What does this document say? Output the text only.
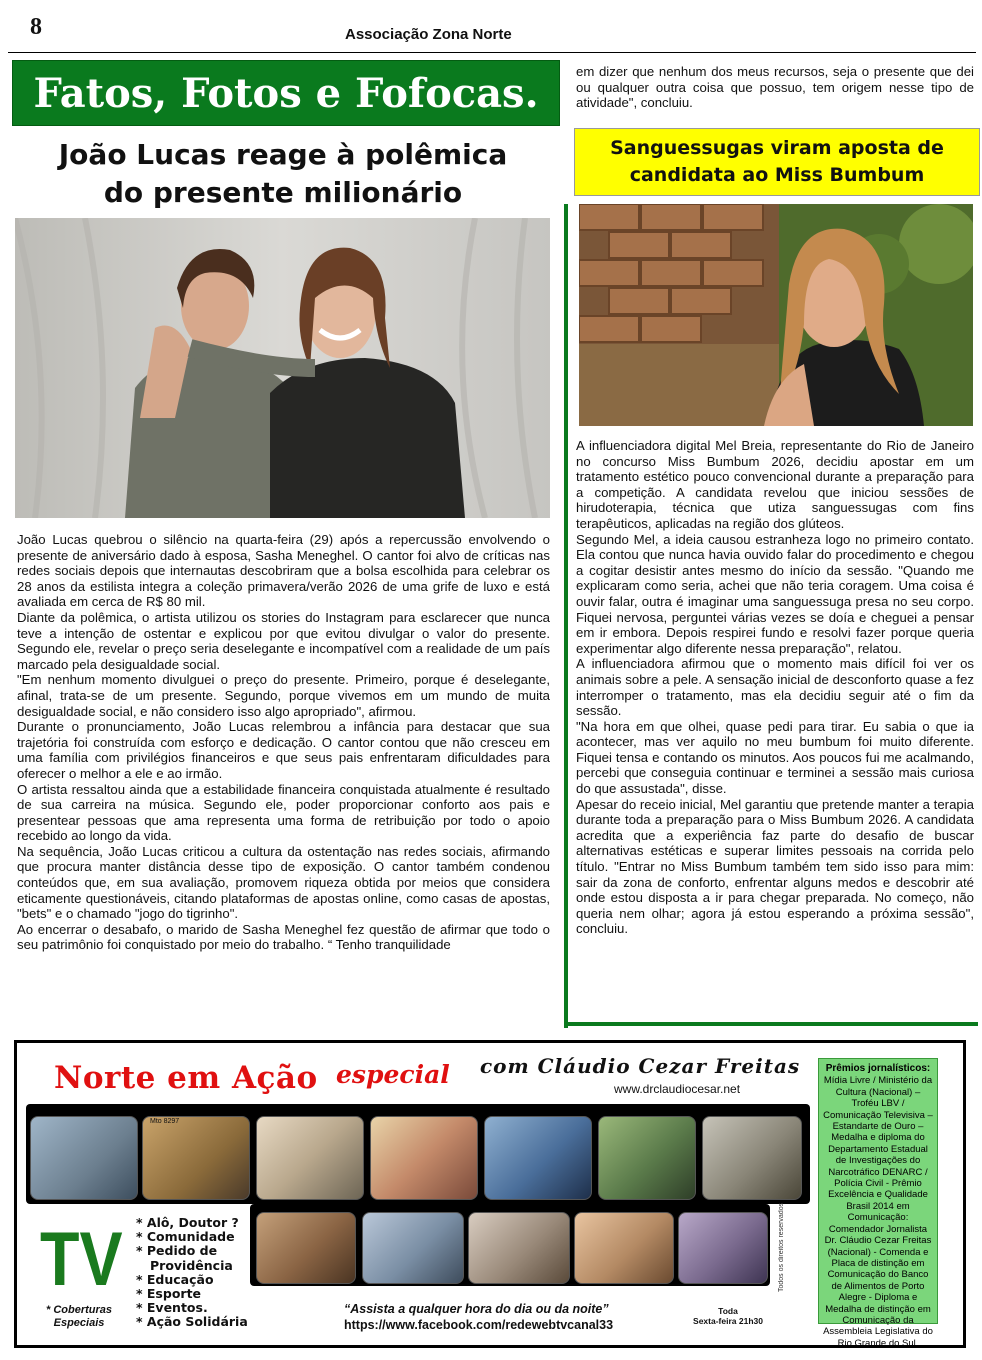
8	Associação Zona Norte
Fatos, Fotos e Fofocas.
João Lucas reage à polêmica
do presente milionário

João Lucas quebrou o silêncio na quarta-feira (29) após a repercussão envolvendo o presente de aniversário dado à esposa, Sasha Meneghel. O cantor foi alvo de críticas nas redes sociais depois que internautas descobriram que a bolsa escolhida para celebrar os 28 anos da estilista integra a coleção primavera/verão 2026 de uma grife de luxo e está avaliada em cerca de R$ 80 mil.

Diante da polêmica, o artista utilizou os stories do Instagram para esclarecer que nunca teve a intenção de ostentar e explicou por que evitou divulgar o valor do presente. Segundo ele, revelar o preço seria deselegante e incompatível com a realidade de um país marcado pela desigualdade social.

"Em nenhum momento divulguei o preço do presente. Primeiro, porque é deselegante, afinal, trata-se de um presente. Segundo, porque vivemos em um mundo de muita desigualdade social, e não considero isso algo apropriado", afirmou.

Durante o pronunciamento, João Lucas relembrou a infância para destacar que sua trajetória foi construída com esforço e dedicação. O cantor contou que não cresceu em uma família com privilégios financeiros e que seus pais enfrentaram dificuldades para oferecer o melhor a ele e ao irmão.

O artista ressaltou ainda que a estabilidade financeira conquistada atualmente é resultado de sua carreira na música. Segundo ele, poder proporcionar conforto aos pais e presentear pessoas que ama representa uma forma de retribuição por todo o apoio recebido ao longo da vida.

Na sequência, João Lucas criticou a cultura da ostentação nas redes sociais, afirmando que procura manter distância desse tipo de exposição. O cantor também condenou conteúdos que, em sua avaliação, promovem riqueza obtida por meios que considera eticamente questionáveis, citando plataformas de apostas online, como casas de apostas, "bets" e o chamado "jogo do tigrinho".

Ao encerrar o desabafo, o marido de Sasha Meneghel fez questão de afirmar que todo o seu patrimônio foi conquistado por meio do trabalho. “ Tenho tranquilidade

em dizer que nenhum dos meus recursos, seja o presente que dei ou qualquer outra coisa que possuo, tem origem nesse tipo de atividade", concluiu.
Sanguessugas viram aposta de
candidata ao Miss Bumbum

A influenciadora digital Mel Breia, representante do Rio de Janeiro no concurso Miss Bumbum 2026, decidiu apostar em um tratamento estético pouco convencional durante a preparação para a competição. A candidata revelou que iniciou sessões de hirudoterapia, técnica que utiza sanguessugas com fins terapêuticos, aplicadas na região dos glúteos.

Segundo Mel, a ideia causou estranheza logo no primeiro contato. Ela contou que nunca havia ouvido falar do procedimento e chegou a cogitar desistir antes mesmo do início da sessão. "Quando me explicaram como seria, achei que não teria coragem. Uma coisa é ouvir falar, outra é imaginar uma sanguessuga presa no seu corpo. Fiquei nervosa, perguntei várias vezes se doía e cheguei a pensar em ir embora. Depois respirei fundo e resolvi fazer porque queria experimentar algo diferente nessa preparação", relatou.

A influenciadora afirmou que o momento mais difícil foi ver os animais sobre a pele. A sensação inicial de desconforto quase a fez interromper o tratamento, mas ela decidiu seguir até o fim da sessão.

"Na hora em que olhei, quase pedi para tirar. Eu sabia o que ia acontecer, mas ver aquilo no meu bumbum foi muito diferente. Fiquei tensa e contando os minutos. Aos poucos fui me acalmando, percebi que conseguia continuar e terminei a sessão mais curiosa do que assustada", disse.

Apesar do receio inicial, Mel garantiu que pretende manter a terapia durante toda a preparação para o Miss Bumbum 2026. A candidata acredita que a experiência faz parte do desafio de buscar alternativas estéticas e superar limites pessoais na corrida pelo título. "Entrar no Miss Bumbum também tem sido isso para mim: sair da zona de conforto, enfrentar alguns medos e descobrir até onde estou disposta a ir para chegar preparada. No começo, não queria nem olhar; agora já estou esperando a próxima sessão", concluiu.

Norte em Ação especial com Cláudio Cezar Freitas
www.drclaudiocesar.net
Mto 8297
Todos os direitos reservados
TV
* Coberturas Especiais
* Alô, Doutor ?
* Comunidade
* Pedido de
Providência
* Educação
* Esporte
* Eventos.
* Ação Solidária
“Assista a qualquer hora do dia ou da noite”
https://www.facebook.com/redewebtvcanal33
Toda
Sexta-feira 21h30
Prêmios jornalísticos:
Mídia Livre / Ministério da Cultura (Nacional) – Troféu LBV / Comunicação Televisiva – Estandarte de Ouro – Medalha e diploma do Departamento Estadual de Investigações do Narcotráfico DENARC / Polícia Civil - Prêmio Excelência e Qualidade Brasil 2014 em Comunicação: Comendador Jornalista Dr. Cláudio Cezar Freitas (Nacional) - Comenda e Placa de distinção em Comunicação do Banco de Alimentos de Porto Alegre - Diploma e Medalha de distinção em Comunicação da Assembleia Legislativa do Rio Grande do Sul.
